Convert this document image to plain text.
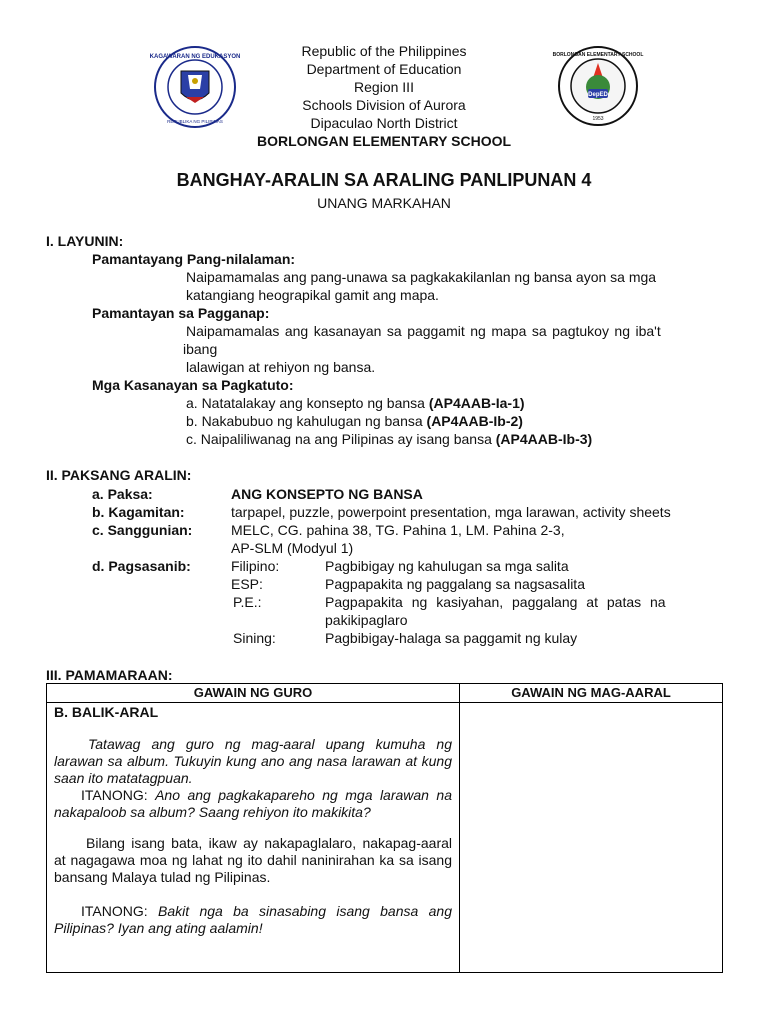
KAGAWARAN NG EDUKASYON
REPUBLIKA NG PILIPINAS
DepED
BORLONGAN ELEMENTARY SCHOOL
1953
Republic of the Philippines
Department of Education
Region III
Schools Division of Aurora
Dipaculao North District
BORLONGAN ELEMENTARY SCHOOL
BANGHAY-ARALIN SA ARALING PANLIPUNAN 4
UNANG MARKAHAN
I. LAYUNIN:
Pamantayang Pang-nilalaman:
Naipamamalas ang pang-unawa sa pagkakakilanlan ng bansa ayon sa mga
katangiang heograpikal gamit ang mapa.
Pamantayan sa Pagganap:
Naipamamalas ang kasanayan sa paggamit ng mapa sa pagtukoy ng iba't
ibang
lalawigan at rehiyon ng bansa.
Mga Kasanayan sa Pagkatuto:
a. Natatalakay ang konsepto ng bansa (AP4AAB-Ia-1)
b. Nakabubuo ng kahulugan ng bansa (AP4AAB-Ib-2)
c. Naipaliliwanag na ang Pilipinas ay isang bansa (AP4AAB-Ib-3)
II. PAKSANG ARALIN:
a. Paksa:	ANG KONSEPTO NG BANSA
b. Kagamitan:	tarpapel, puzzle, powerpoint presentation, mga larawan, activity sheets
c. Sanggunian:	MELC, CG. pahina 38, TG. Pahina 1, LM. Pahina 2-3,
AP-SLM (Modyul 1)
d. Pagsasanib:	Filipino:	Pagbibigay ng kahulugan sa mga salita
ESP:	Pagpapakita ng paggalang sa nagsasalita
P.E.:	Pagpapakita ng kasiyahan, paggalang at patas na
pakikipaglaro
Sining:	Pagbibigay-halaga sa paggamit ng kulay
III. PAMAMARAAN:
GAWAIN NG GURO	GAWAIN NG MAG-AARAL
B. BALIK-ARAL
Tatawag ang guro ng mag-aaral upang kumuha ng larawan sa album. Tukuyin kung ano ang nasa larawan at kung saan ito matatagpuan.
ITANONG: Ano ang pagkakapareho ng mga larawan na nakapaloob sa album? Saang rehiyon ito makikita?
Bilang isang bata, ikaw ay nakapaglalaro, nakapag-aaral at nagagawa moa ng lahat ng ito dahil naninirahan ka sa isang bansang Malaya tulad ng Pilipinas.
ITANONG: Bakit nga ba sinasabing isang bansa ang Pilipinas? Iyan ang ating aalamin!
